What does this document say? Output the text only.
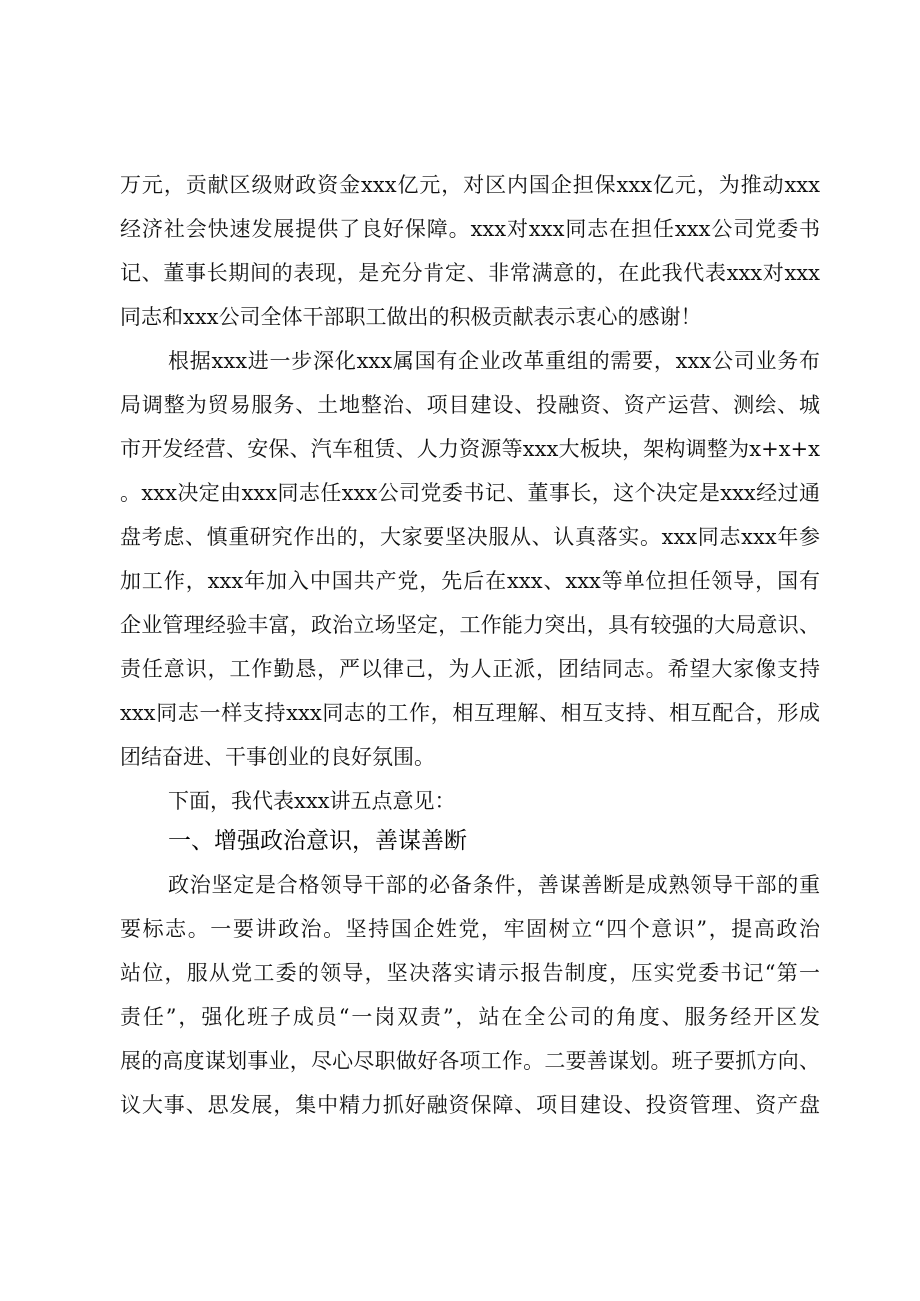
万元，贡献区级财政资金xxx亿元，对区内国企担保xxx亿元，为推动xxx
经济社会快速发展提供了良好保障。xxx对xxx同志在担任xxx公司党委书
记、董事长期间的表现，是充分肯定、非常满意的，在此我代表xxx对xxx
同志和xxx公司全体干部职工做出的积极贡献表示衷心的感谢！
根据xxx进一步深化xxx属国有企业改革重组的需要，xxx公司业务布
局调整为贸易服务、土地整治、项目建设、投融资、资产运营、测绘、城
市开发经营、安保、汽车租赁、人力资源等xxx大板块，架构调整为x+x+x
。xxx决定由xxx同志任xxx公司党委书记、董事长，这个决定是xxx经过通
盘考虑、慎重研究作出的，大家要坚决服从、认真落实。xxx同志xxx年参
加工作，xxx年加入中国共产党，先后在xxx、xxx等单位担任领导，国有
企业管理经验丰富，政治立场坚定，工作能力突出，具有较强的大局意识、
责任意识，工作勤恳，严以律己，为人正派，团结同志。希望大家像支持
xxx同志一样支持xxx同志的工作，相互理解、相互支持、相互配合，形成
团结奋进、干事创业的良好氛围。
下面，我代表xxx讲五点意见：
一、增强政治意识，善谋善断
政治坚定是合格领导干部的必备条件，善谋善断是成熟领导干部的重
要标志。一要讲政治。坚持国企姓党，牢固树立“四个意识”，提高政治
站位，服从党工委的领导，坚决落实请示报告制度，压实党委书记“第一
责任”，强化班子成员“一岗双责”，站在全公司的角度、服务经开区发
展的高度谋划事业，尽心尽职做好各项工作。二要善谋划。班子要抓方向、
议大事、思发展，集中精力抓好融资保障、项目建设、投资管理、资产盘
